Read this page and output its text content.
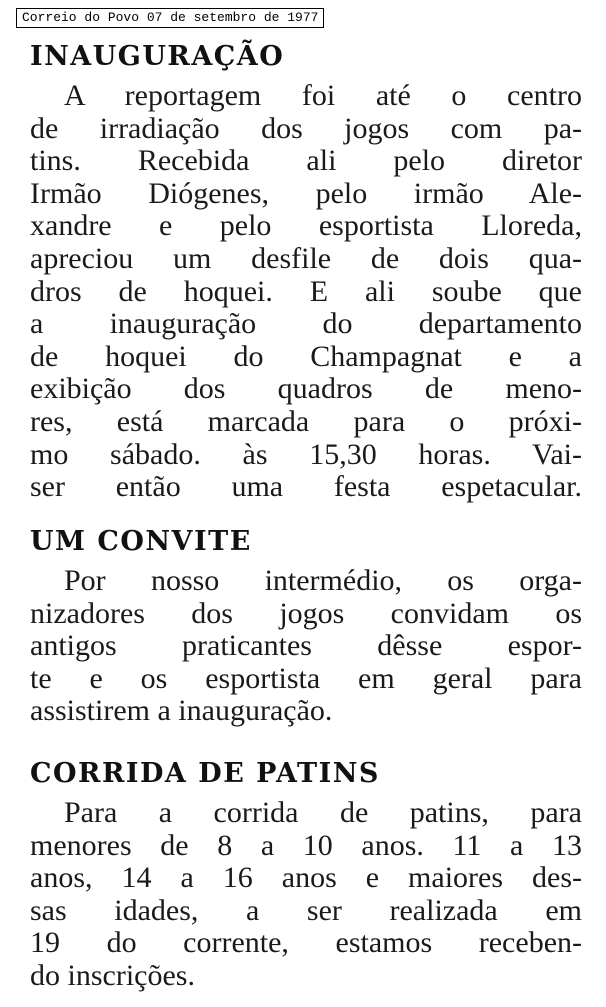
Correio do Povo 07 de setembro de 1977
INAUGURAÇÃO
A reportagem foi até o centro
de irradiação dos jogos com pa-
tins. Recebida ali pelo diretor
Irmão Diógenes, pelo irmão Ale-
xandre e pelo esportista Lloreda,
apreciou um desfile de dois qua-
dros de hoquei. E ali soube que
a inauguração do departamento
de hoquei do Champagnat e a
exibição dos quadros de meno-
res, está marcada para o próxi-
mo sábado. às 15,30 horas. Vai-
ser então uma festa espetacular.
UM CONVITE
Por nosso intermédio, os orga-
nizadores dos jogos convidam os
antigos praticantes dêsse espor-
te e os esportista em geral para
assistirem a inauguração.
CORRIDA DE PATINS
Para a corrida de patins, para
menores de 8 a 10 anos. 11 a 13
anos, 14 a 16 anos e maiores des-
sas idades, a ser realizada em
19 do corrente, estamos receben-
do inscrições.
